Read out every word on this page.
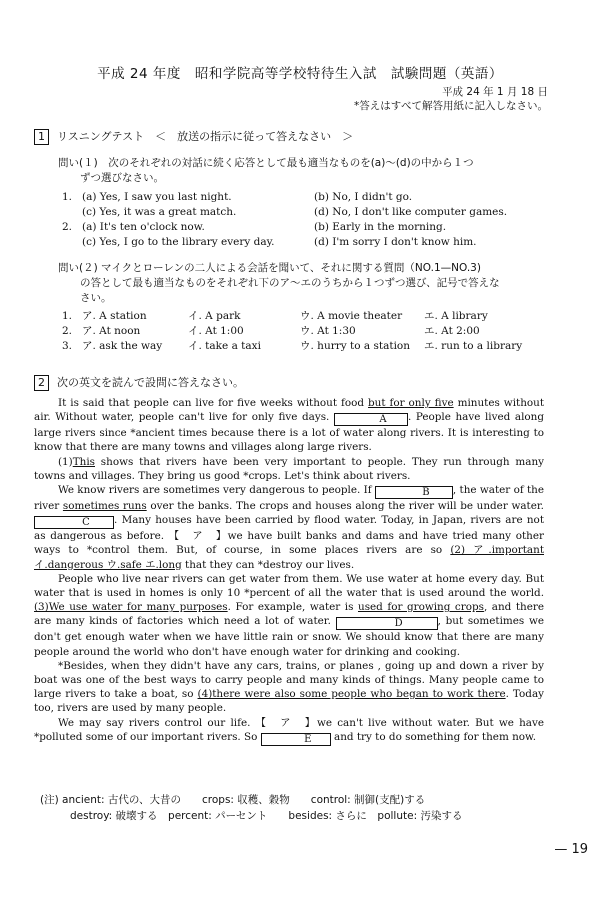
平成 24 年度　昭和学院高等学校特待生入試　試験問題（英語）
平成 24 年 1 月 18 日
*答えはすべて解答用紙に記入しなさい。
1 リスニングテスト　＜　放送の指示に従って答えなさい　＞
問い(１)　次のそれぞれの対話に続く応答として最も適当なものを(a)～(d)の中から１つ
ずつ選びなさい。
1. (a) Yes, I saw you last night.	(b) No, I didn't go.
(c) Yes, it was a great match.	(d) No, I don't like computer games.
2. (a) It's ten o'clock now.	(b) Early in the morning.
(c) Yes, I go to the library every day.	(d) I'm sorry I don't know him.
問い(２) マイクとローレンの二人による会話を聞いて、それに関する質問（NO.1—NO.3)
の答として最も適当なものをそれぞれ下のア～エのうちから１つずつ選び、記号で答えな
さい。
1. ア. A station	イ. A park	ウ. A movie theater エ. A library
2. ア. At noon	イ. At 1:00	ウ. At 1:30	エ. At 2:00
3. ア. ask the way イ. take a taxi	ウ. hurry to a station エ. run to a library
2 次の英文を読んで設問に答えなさい。

It is said that people can live for five weeks without food but for only five minutes without air. Without water, people can't live for only five days.	A . People have lived along large rivers since *ancient times because there is a lot of water along rivers. It is interesting to know that there are many towns and villages along large rivers.

(1)This shows that rivers have been very important to people. They run through many towns and villages. They bring us good *crops. Let's think about rivers.

We know rivers are sometimes very dangerous to people. If	B , the water of the river sometimes runs over the banks. The crops and houses along the river will be under water. C . Many houses have been carried by flood water. Today, in Japan, rivers are not as dangerous as before. 【　ア　】we have built banks and dams and have tried many other ways to *control them. But, of course, in some places rivers are so (2) ア.important イ.dangerous ウ.safe エ.long that they can *destroy our lives.

People who live near rivers can get water from them. We use water at home every day. But water that is used in homes is only 10 *percent of all the water that is used around the world. (3)We use water for many purposes. For example, water is used for growing crops, and there are many kinds of factories which need a lot of water.	D	, but sometimes we don't get enough water when we have little rain or snow. We should know that there are many people around the world who don't have enough water for drinking and cooking.

*Besides, when they didn't have any cars, trains, or planes , going up and down a river by boat was one of the best ways to carry people and many kinds of things. Many people came to large rivers to take a boat, so (4)there were also some people who began to work there. Today too, rivers are used by many people.

We may say rivers control our life. 【　ア　】we can't live without water. But we have *polluted some of our important rivers. So	E and try to do something for them now.

(注) ancient: 古代の、大昔の　　crops: 収穫、穀物　　control: 制御(支配)する
destroy: 破壊する　percent: パーセント　　besides: さらに　pollute: 汚染する
— 19
